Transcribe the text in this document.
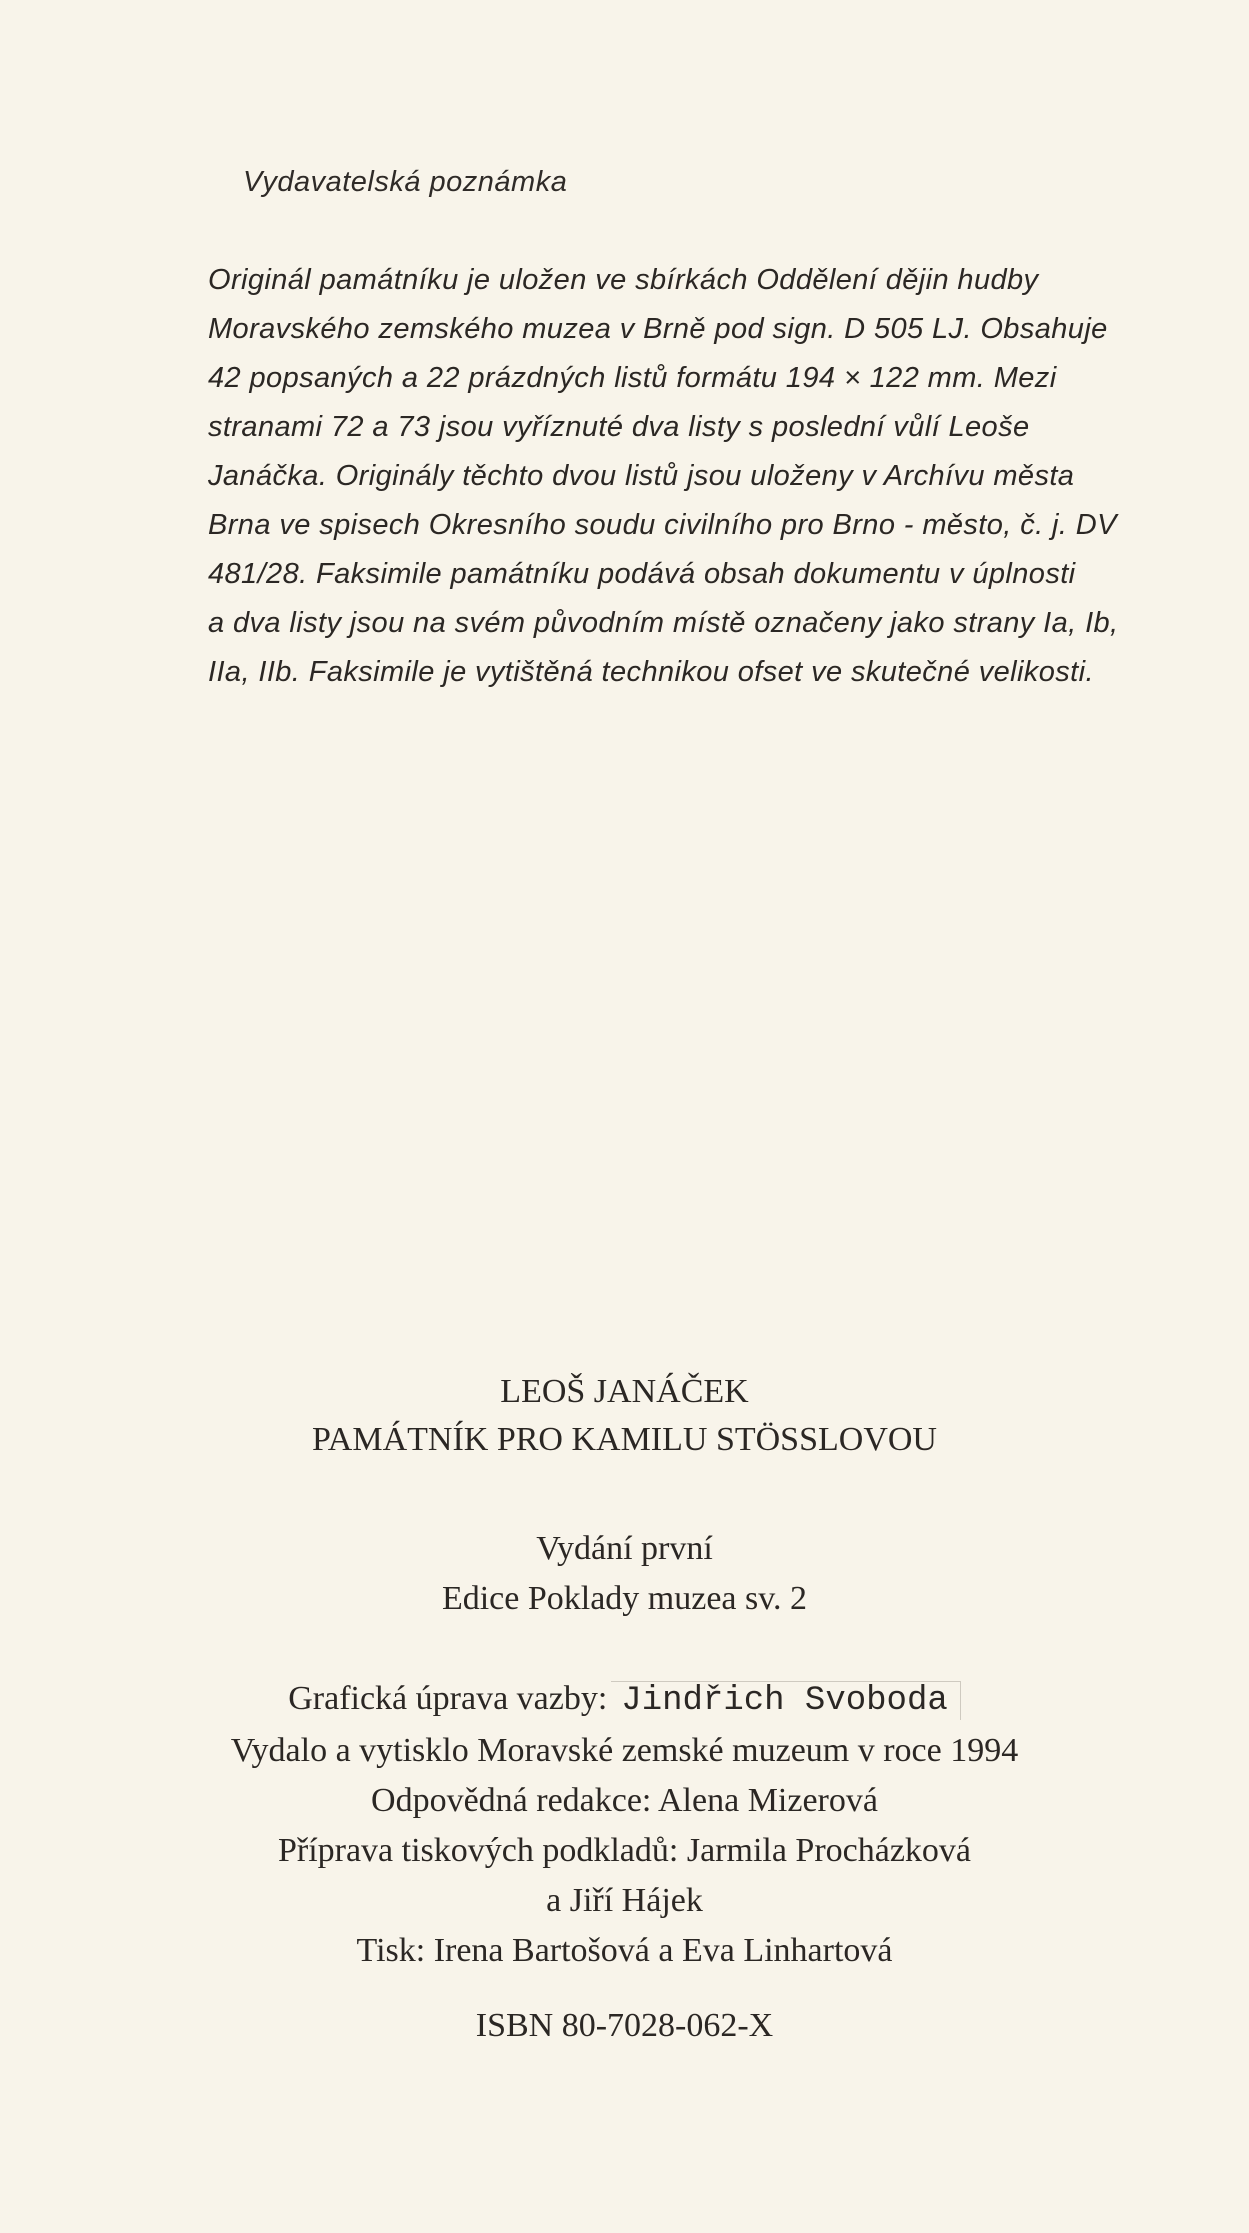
Vydavatelská poznámka

Originál památníku je uložen ve sbírkách Oddělení dějin hudby
Moravského zemského muzea v Brně pod sign. D 505 LJ. Obsahuje
42 popsaných a 22 prázdných listů formátu 194 × 122 mm. Mezi
stranami 72 a 73 jsou vyříznuté dva listy s poslední vůlí Leoše
Janáčka. Originály těchto dvou listů jsou uloženy v Archívu města
Brna ve spisech Okresního soudu civilního pro Brno - město, č. j. DV
481/28. Faksimile památníku podává obsah dokumentu v úplnosti
a dva listy jsou na svém původním místě označeny jako strany Ia, Ib,
IIa, IIb. Faksimile je vytištěná technikou ofset ve skutečné velikosti.

LEOŠ JANÁČEK
PAMÁTNÍK PRO KAMILU STÖSSLOVOU
Vydání první
Edice Poklady muzea sv. 2
Grafická úprava vazby: Jindřich Svoboda
Vydalo a vytisklo Moravské zemské muzeum v roce 1994
Odpovědná redakce: Alena Mizerová
Příprava tiskových podkladů: Jarmila Procházková
a Jiří Hájek
Tisk: Irena Bartošová a Eva Linhartová
ISBN 80-7028-062-X
